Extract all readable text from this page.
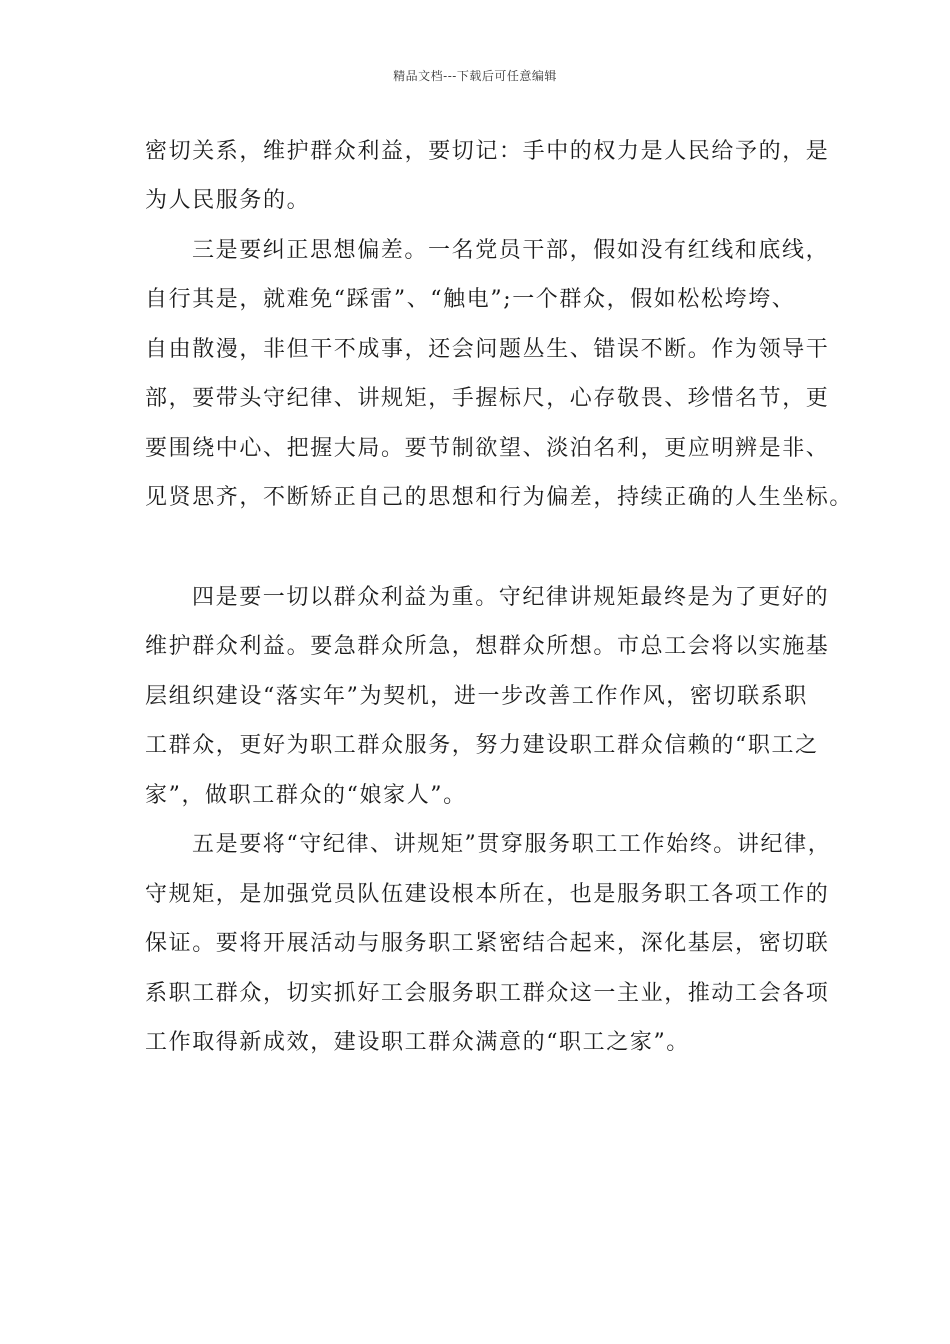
精品文档---下载后可任意编辑
密切关系，维护群众利益，要切记：手中的权力是人民给予的，是
为人民服务的。
三是要纠正思想偏差。一名党员干部，假如没有红线和底线，
自行其是，就难免“踩雷”、“触电”;一个群众，假如松松垮垮、
自由散漫，非但干不成事，还会问题丛生、错误不断。作为领导干
部，要带头守纪律、讲规矩，手握标尺，心存敬畏、珍惜名节，更
要围绕中心、把握大局。要节制欲望、淡泊名利，更应明辨是非、
见贤思齐，不断矫正自己的思想和行为偏差，持续正确的人生坐标。
四是要一切以群众利益为重。守纪律讲规矩最终是为了更好的
维护群众利益。要急群众所急，想群众所想。市总工会将以实施基
层组织建设“落实年”为契机，进一步改善工作作风，密切联系职
工群众，更好为职工群众服务，努力建设职工群众信赖的“职工之
家”，做职工群众的“娘家人”。
五是要将“守纪律、讲规矩”贯穿服务职工工作始终。讲纪律，
守规矩，是加强党员队伍建设根本所在，也是服务职工各项工作的
保证。要将开展活动与服务职工紧密结合起来，深化基层，密切联
系职工群众，切实抓好工会服务职工群众这一主业，推动工会各项
工作取得新成效，建设职工群众满意的“职工之家”。
